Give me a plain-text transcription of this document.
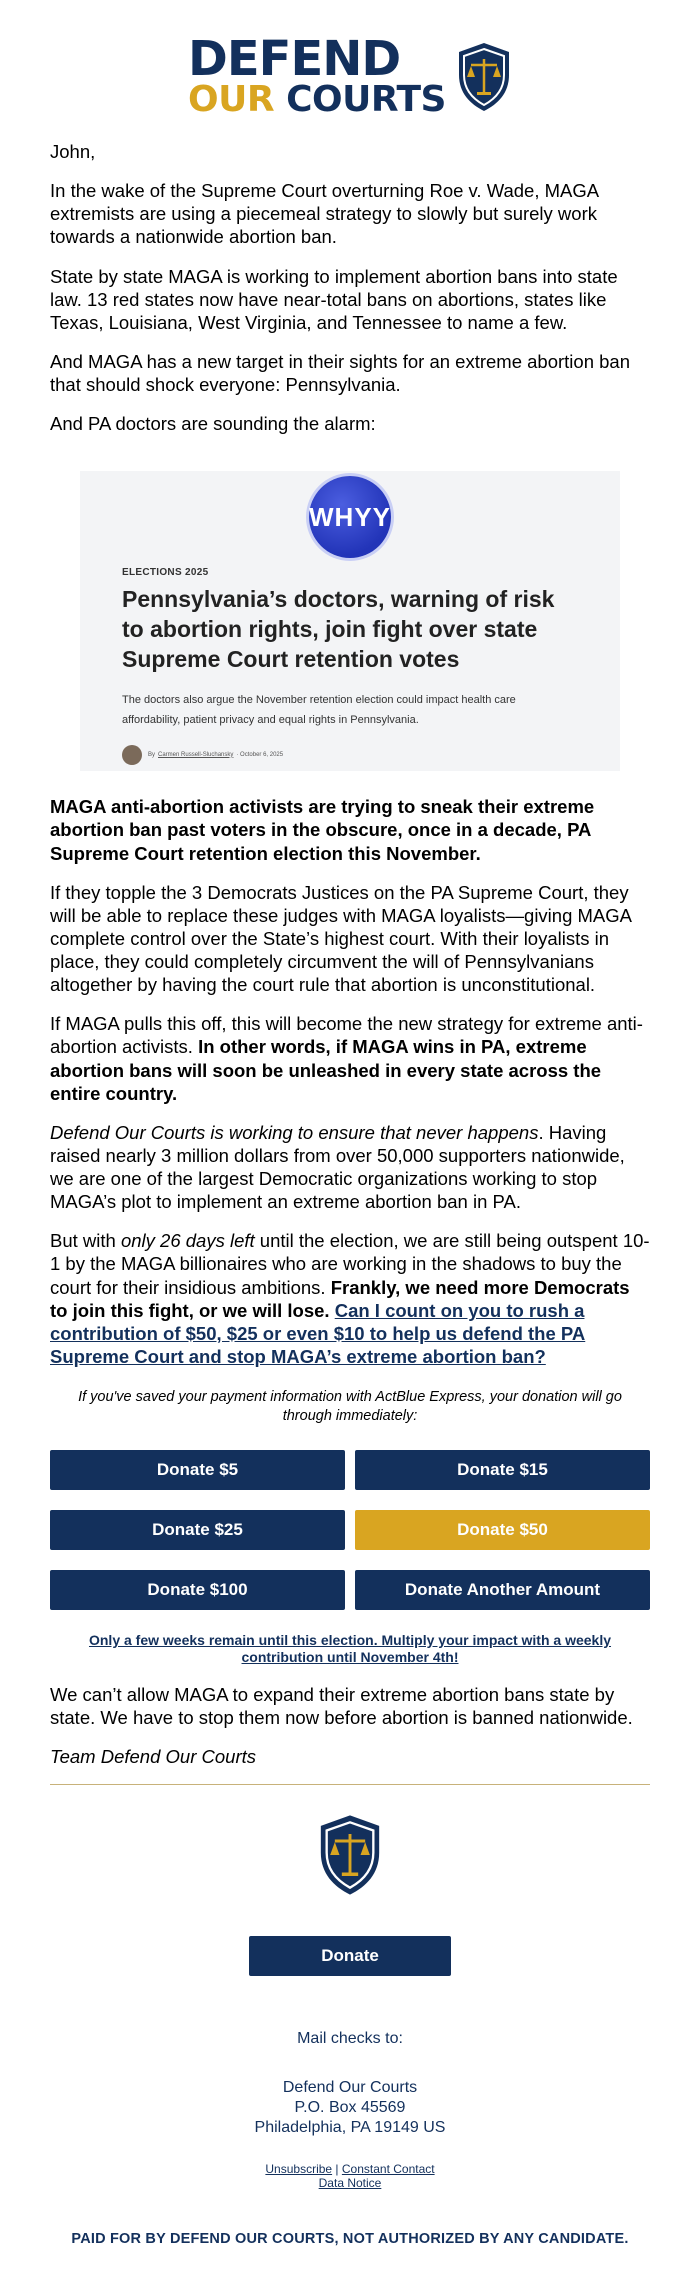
DEFEND
OUR COURTS

John,

In the wake of the Supreme Court overturning Roe v. Wade, MAGA extremists are using a piecemeal strategy to slowly but surely work towards a nationwide abortion ban.

State by state MAGA is working to implement abortion bans into state law. 13 red states now have near-total bans on abortions, states like Texas, Louisiana, West Virginia, and Tennessee to name a few.

And MAGA has a new target in their sights for an extreme abortion ban that should shock everyone: Pennsylvania.

And PA doctors are sounding the alarm:

WHYY
ELECTIONS 2025
Pennsylvania’s doctors, warning of risk to abortion rights, join fight over state Supreme Court retention votes
The doctors also argue the November retention election could impact health care affordability, patient privacy and equal rights in Pennsylvania.
By Carmen Russell-Sluchansky · October 6, 2025

MAGA anti-abortion activists are trying to sneak their extreme abortion ban past voters in the obscure, once in a decade, PA Supreme Court retention election this November.

If they topple the 3 Democrats Justices on the PA Supreme Court, they will be able to replace these judges with MAGA loyalists—giving MAGA complete control over the State’s highest court. With their loyalists in place, they could completely circumvent the will of Pennsylvanians altogether by having the court rule that abortion is unconstitutional.

If MAGA pulls this off, this will become the new strategy for extreme anti-abortion activists. In other words, if MAGA wins in PA, extreme abortion bans will soon be unleashed in every state across the entire country.

Defend Our Courts is working to ensure that never happens. Having raised nearly 3 million dollars from over 50,000 supporters nationwide, we are one of the largest Democratic organizations working to stop MAGA’s plot to implement an extreme abortion ban in PA.

But with only 26 days left until the election, we are still being outspent 10-1 by the MAGA billionaires who are working in the shadows to buy the court for their insidious ambitions. Frankly, we need more Democrats to join this fight, or we will lose. Can I count on you to rush a contribution of $50, $25 or even $10 to help us defend the PA Supreme Court and stop MAGA’s extreme abortion ban?

If you've saved your payment information with ActBlue Express, your donation will go through immediately:
Donate $5	Donate $15
Donate $25	Donate $50
Donate $100	Donate Another Amount
Only a few weeks remain until this election. Multiply your impact with a weekly contribution until November 4th!

We can’t allow MAGA to expand their extreme abortion bans state by state. We have to stop them now before abortion is banned nationwide.

Team Defend Our Courts

Donate
Mail checks to:
Defend Our Courts
P.O. Box 45569
Philadelphia, PA 19149 US
Unsubscribe | Constant Contact
Data Notice
PAID FOR BY DEFEND OUR COURTS, NOT AUTHORIZED BY ANY CANDIDATE.
